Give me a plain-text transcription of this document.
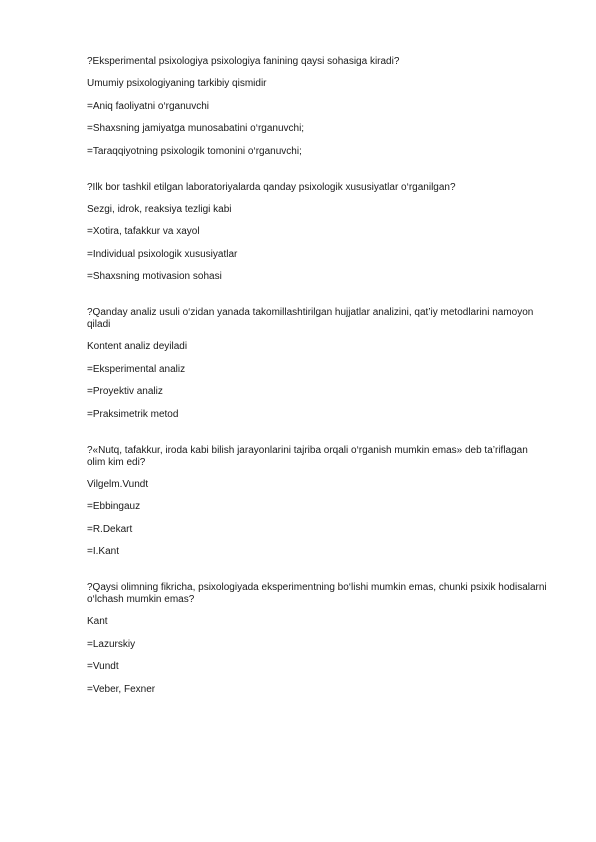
?Eksperimental psixologiya psixologiya fanining qaysi sohasiga kiradi?
Umumiy psixologiyaning tarkibiy qismidir
=Aniq faoliyatni o‘rganuvchi
=Shaxsning jamiyatga munosabatini o‘rganuvchi;
=Taraqqiyotning psixologik tomonini o‘rganuvchi;
?Ilk bor tashkil etilgan laboratoriyalarda qanday psixologik xususiyatlar o‘rganilgan?
Sezgi, idrok, reaksiya tezligi kabi
=Xotira, tafakkur va xayol
=Individual psixologik xususiyatlar
=Shaxsning motivasion sohasi
?Qanday analiz usuli o‘zidan yanada takomillashtirilgan hujjatlar analizini, qat’iy metodlarini namoyon qiladi
Kontent analiz deyiladi
=Eksperimental analiz
=Proyektiv analiz
=Praksimetrik metod
?«Nutq, tafakkur, iroda kabi bilish jarayonlarini tajriba orqali o‘rganish mumkin emas» deb ta’riflagan olim kim edi?
Vilgelm.Vundt
=Ebbingauz
=R.Dekart
=I.Kant
?Qaysi olimning fikricha, psixologiyada eksperimentning bo‘lishi mumkin emas, chunki psixik hodisalarni o‘lchash mumkin emas?
Kant
=Lazurskiy
=Vundt
=Veber, Fexner
